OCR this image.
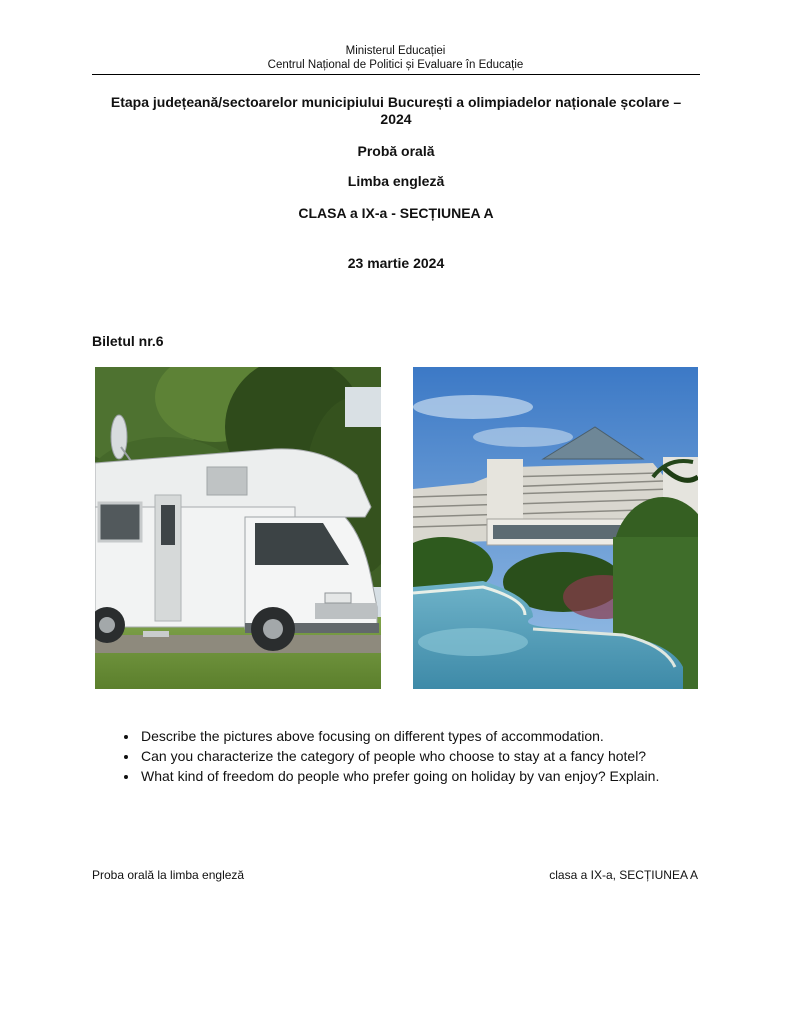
Ministerul Educației
Centrul Național de Politici și Evaluare în Educație
Etapa județeană/sectoarelor municipiului București a olimpiadelor naționale școlare –
2024
Probă orală
Limba engleză
CLASA a IX-a - SECȚIUNEA A
23 martie 2024
Biletul nr.6
• Describe the pictures above focusing on different types of accommodation.
• Can you characterize the category of people who choose to stay at a fancy hotel?
• What kind of freedom do people who prefer going on holiday by van enjoy? Explain.
Proba orală la limba engleză	clasa a IX-a, SECȚIUNEA A
